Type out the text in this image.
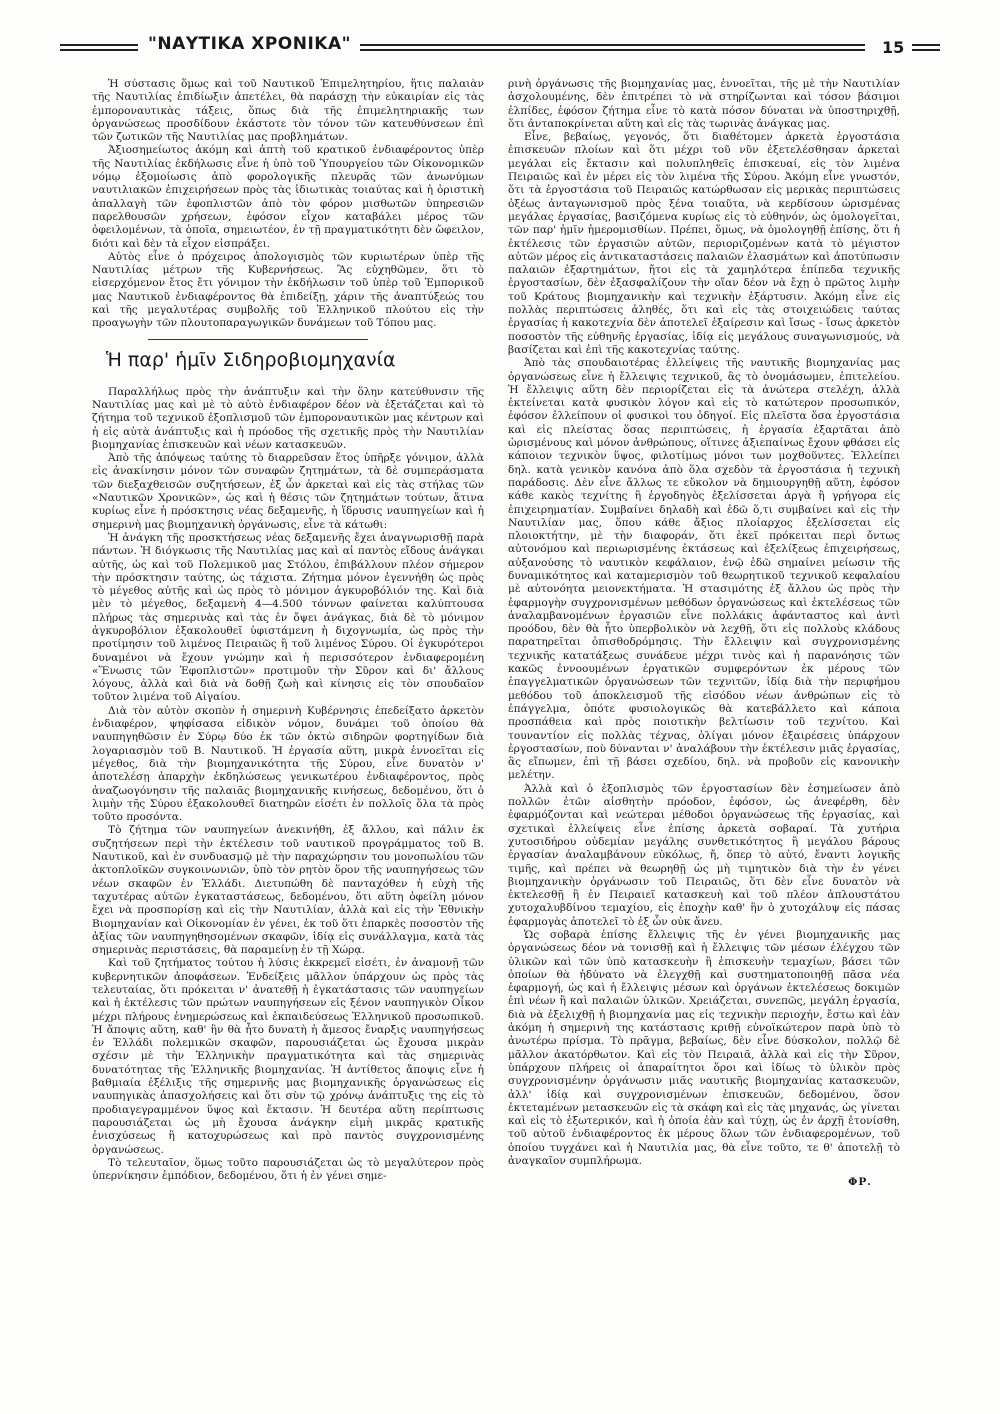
"ΝΑΥΤΙΚΑ ΧΡΟΝΙΚΑ"	15

Ἡ σύστασις ὅμως καὶ τοῦ Ναυτικοῦ Ἐπιμελητηρίου, ἥτις παλαιὰν τῆς Ναυτιλίας ἐπιδίωξιν ἀπετέλει, θὰ παράσχῃ τὴν εὐκαιρίαν εἰς τὰς ἐμποροναυτικὰς τάξεις, ὅπως διὰ τῆς ἐπιμελητηριακῆς των ὀργανώσεως προσδίδουν ἑκάστοτε τὸν τόνον τῶν κατευθύνσεων ἐπὶ τῶν ζωτικῶν τῆς Ναυτιλίας μας προβλημάτων.

Ἀξιοσημείωτος ἀκόμη καὶ ἁπτὴ τοῦ κρατικοῦ ἐνδιαφέροντος ὑπὲρ τῆς Ναυτιλίας ἐκδήλωσις εἶνε ἡ ὑπὸ τοῦ Ὑπουργείου τῶν Οἰκονομικῶν νόμῳ ἐξομοίωσις ἀπὸ φορολογικῆς πλευρᾶς τῶν ἀνωνύμων ναυτιλιακῶν ἐπιχειρήσεων πρὸς τὰς ἰδιωτικὰς τοιαύτας καὶ ἡ ὁριστικὴ ἀπαλλαγὴ τῶν ἐφοπλιστῶν ἀπὸ τὸν φόρον μισθωτῶν ὑπηρεσιῶν παρελθουσῶν χρήσεων, ἐφόσον εἶχον καταβάλει μέρος τῶν ὀφειλομένων, τὰ ὁποῖα, σημειωτέον, ἐν τῇ πραγματικότητι δὲν ὤφειλον, διότι καὶ δὲν τὰ εἶχον εἰσπράξει.

Αὐτὸς εἶνε ὁ πρόχειρος ἀπολογισμὸς τῶν κυριωτέρων ὑπὲρ τῆς Ναυτιλίας μέτρων τῆς Κυβερνήσεως. Ἂς εὐχηθῶμεν, ὅτι τὸ εἰσερχόμενον ἔτος ἔτι γόνιμον τὴν ἐκδήλωσιν τοῦ ὑπὲρ τοῦ Ἐμπορικοῦ μας Ναυτικοῦ ἐνδιαφέροντος θὰ ἐπιδείξῃ, χάριν τῆς ἀναπτύξεώς του καὶ τῆς μεγαλυτέρας συμβολῆς τοῦ Ἑλληνικοῦ πλούτου εἰς τὴν προαγωγὴν τῶν πλουτοπαραγωγικῶν δυνάμεων τοῦ Τόπου μας.

Ἡ παρ' ἡμῖν Σιδηροβιομηχανία

Παραλλήλως πρὸς τὴν ἀνάπτυξιν καὶ τὴν ὅλην κατεύθυνσιν τῆς Ναυτιλίας μας καὶ μὲ τὸ αὐτὸ ἐνδιαφέρον δέον νὰ ἐξετάζεται καὶ τὸ ζήτημα τοῦ τεχνικοῦ ἐξοπλισμοῦ τῶν ἐμποροναυτικῶν μας κέντρων καὶ ἡ εἰς αὐτὰ ἀνάπτυξις καὶ ἡ πρόοδος τῆς σχετικῆς πρὸς τὴν Ναυτιλίαν βιομηχανίας ἐπισκευῶν καὶ νέων κατασκευῶν.

Ἀπὸ τῆς ἀπόψεως ταύτης τὸ διαρρεῦσαν ἔτος ὑπῆρξε γόνιμον, ἀλλὰ εἰς ἀνακίνησιν μόνον τῶν συναφῶν ζητημάτων, τὰ δὲ συμπεράσματα τῶν διεξαχθεισῶν συζητήσεων, ἐξ ὧν ἀρκεταὶ καὶ εἰς τὰς στήλας τῶν «Ναυτικῶν Χρονικῶν», ὡς καὶ ἡ θέσις τῶν ζητημάτων τούτων, ἅτινα κυρίως εἶνε ἡ πρόσκτησις νέας δεξαμενῆς, ἡ ἵδρυσις ναυπηγείων καὶ ἡ σημερινὴ μας βιομηχανικὴ ὀργάνωσις, εἶνε τὰ κάτωθι:

Ἡ ἀνάγκη τῆς προσκτήσεως νέας δεξαμενῆς ἔχει ἀναγνωρισθῇ παρὰ πάντων. Ἡ διόγκωσις τῆς Ναυτιλίας μας καὶ αἱ παντὸς εἴδους ἀνάγκαι αὐτῆς, ὡς καὶ τοῦ Πολεμικοῦ μας Στόλου, ἐπιβάλλουν πλέον σήμερον τὴν πρόσκτησιν ταύτης, ὡς τάχιστα. Ζήτημα μόνον ἐγεννήθη ὡς πρὸς τὸ μέγεθος αὐτῆς καὶ ὡς πρὸς τὸ μόνιμον ἀγκυροβόλιόν της. Καὶ διὰ μὲν τὸ μέγεθος, δεξαμενὴ 4—4.500 τόννων φαίνεται καλύπτουσα πλήρως τὰς σημερινὰς καὶ τὰς ἐν ὄψει ἀνάγκας, διὰ δὲ τὸ μόνιμον ἀγκυροβόλιον ἐξακολουθεῖ ὑφιστάμενη ἡ διχογνωμία, ὡς πρὸς τὴν προτίμησιν τοῦ λιμένος Πειραιῶς ἢ τοῦ λιμένος Σύρου. Οἱ ἐγκυρότεροι δυναμένοι νὰ ἔχουν γνώμην καὶ ἡ περισσότερον ἐνδιαφερομένη «Ἕνωσις τῶν Ἐφοπλιστῶν» προτιμοῦν τὴν Σῦρον καὶ δι' ἄλλους λόγους, ἀλλὰ καὶ διὰ νὰ δοθῇ ζωὴ καὶ κίνησις εἰς τὸν σπουδαῖον τοῦτον λιμένα τοῦ Αἰγαίου.

Διὰ τὸν αὐτὸν σκοπὸν ἡ σημερινὴ Κυβέρνησις ἐπεδείξατο ἀρκετὸν ἐνδιαφέρον, ψηφίσασα εἰδικὸν νόμον, δυνάμει τοῦ ὁποίου θὰ ναυπηγηθῶσιν ἐν Σύρῳ δύο ἐκ τῶν ὀκτὼ σιδηρῶν φορτηγίδων διὰ λογαριασμὸν τοῦ Β. Ναυτικοῦ. Ἡ ἐργασία αὕτη, μικρὰ ἐννοεῖται εἰς μέγεθος, διὰ τὴν βιομηχανικότητα τῆς Σύρου, εἶνε δυνατὸν ν' ἀποτελέσῃ ἀπαρχὴν ἐκδηλώσεως γενικωτέρου ἐνδιαφέροντος, πρὸς ἀναζωογόνησιν τῆς παλαιᾶς βιομηχανικῆς κινήσεως, δεδομένου, ὅτι ὁ λιμὴν τῆς Σύρου ἐξακολουθεῖ διατηρῶν εἰσέτι ἐν πολλοῖς ὅλα τὰ πρὸς τοῦτο προσόντα.

Τὸ ζήτημα τῶν ναυπηγείων ἀνεκινήθη, ἐξ ἄλλου, καὶ πάλιν ἐκ συζητήσεων περὶ τὴν ἐκτέλεσιν τοῦ ναυτικοῦ προγράμματος τοῦ Β. Ναυτικοῦ, καὶ ἐν συνδυασμῷ μὲ τὴν παραχώρησιν του μονοπωλίου τῶν ἀκτοπλοϊκῶν συγκοινωνιῶν, ὑπὸ τὸν ρητὸν ὅρον τῆς ναυπηγήσεως τῶν νέων σκαφῶν ἐν Ἑλλάδι. Διετυπώθη δὲ πανταχόθεν ἡ εὐχὴ τῆς ταχυτέρας αὐτῶν ἐγκαταστάσεως, δεδομένου, ὅτι αὕτη ὀφείλη μόνον ἔχει νὰ προσπορίσῃ καὶ εἰς τὴν Ναυτιλίαν, ἀλλὰ καὶ εἰς τὴν Ἐθνικὴν Βιομηχανίαν καὶ Οἰκονομίαν ἐν γένει, ἐκ τοῦ ὅτι ἐπαρκὲς ποσοστὸν τῆς ἀξίας τῶν ναυπηγηθησομένων σκαφῶν, ἰδίᾳ εἰς συνάλλαγμα, κατὰ τὰς σημερινὰς περιστάσεις, θὰ παραμείνῃ ἐν τῇ Χώρᾳ.

Καὶ τοῦ ζητήματος τούτου ἡ λύσις ἐκκρεμεῖ εἰσέτι, ἐν ἀναμονῇ τῶν κυβερνητικῶν ἀποφάσεων. Ἐνδείξεις μᾶλλον ὑπάρχουν ὡς πρὸς τὰς τελευταίας, ὅτι πρόκειται ν' ἀνατεθῇ ἡ ἐγκατάστασις τῶν ναυπηγείων καὶ ἡ ἐκτέλεσις τῶν πρώτων ναυπηγήσεων εἰς ξένον ναυπηγικὸν Οἶκον μέχρι πλήρους ἐνημερώσεως καὶ ἐκπαιδεύσεως Ἑλληνικοῦ προσωπικοῦ. Ἡ ἄποψις αὕτη, καθ' ἣν θὰ ἦτο δυνατὴ ἡ ἄμεσος ἔναρξις ναυπηγήσεως ἐν Ἑλλάδι πολεμικῶν σκαφῶν, παρουσιάζεται ὡς ἔχουσα μικρὰν σχέσιν μὲ τὴν Ἑλληνικὴν πραγματικότητα καὶ τὰς σημερινὰς δυνατότητας τῆς Ἑλληνικῆς βιομηχανίας. Ἡ ἀντίθετος ἄποψις εἶνε ἡ βαθμιαία ἐξέλιξις τῆς σημερινῆς μας βιομηχανικῆς ὀργανώσεως εἰς ναυπηγικὰς ἀπασχολήσεις καὶ ὅτι σὺν τῷ χρόνῳ ἀνάπτυξις της εἰς τὸ προδιαγεγραμμένον ὕψος καὶ ἔκτασιν. Ἡ δευτέρα αὕτη περίπτωσις παρουσιάζεται ὡς μὴ ἔχουσα ἀνάγκην εἰμὴ μικρᾶς κρατικῆς ἐνισχύσεως ἢ κατοχυρώσεως καὶ πρὸ παντὸς συγχρονισμένης ὀργανώσεως.

Τὸ τελευταῖον, ὅμως τοῦτο παρουσιάζεται ὡς τὸ μεγαλύτερον πρὸς ὑπερνίκησιν ἐμπόδιον, δεδομένου, ὅτι ἡ ἐν γένει σημε-

ρινὴ ὀργάνωσις τῆς βιομηχανίας μας, ἐννοεῖται, τῆς μὲ τὴν Ναυτιλίαν ἀσχολουμένης, δὲν ἐπιτρέπει τὸ νὰ στηρίζωνται καὶ τόσον βάσιμοι ἐλπίδες, ἐφόσον ζήτημα εἶνε τὸ κατὰ πόσον δύναται νὰ ὑποστηριχθῇ, ὅτι ἀνταποκρίνεται αὕτη καὶ εἰς τὰς τωρινὰς ἀνάγκας μας.

Εἶνε, βεβαίως, γεγονός, ὅτι διαθέτομεν ἀρκετὰ ἐργοστάσια ἐπισκευῶν πλοίων καὶ ὅτι μέχρι τοῦ νῦν ἐξετελέσθησαν ἀρκεταὶ μεγάλαι εἰς ἔκτασιν καὶ πολυπληθεῖς ἐπισκευαί, εἰς τὸν λιμένα Πειραιῶς καὶ ἐν μέρει εἰς τὸν λιμένα τῆς Σύρου. Ἀκόμη εἶνε γνωστόν, ὅτι τὰ ἐργοστάσια τοῦ Πειραιῶς κατώρθωσαν εἰς μερικὰς περιπτώσεις ὀξέως ἀνταγωνισμοῦ πρὸς ξένα τοιαῦτα, νὰ κερδίσουν ὡρισμένας μεγάλας ἐργασίας, βασιζόμενα κυρίως εἰς τὸ εὐθηνόν, ὡς ὁμολογεῖται, τῶν παρ' ἡμῖν ἡμερομισθίων. Πρέπει, ὅμως, νὰ ὁμολογηθῇ ἐπίσης, ὅτι ἡ ἐκτέλεσις τῶν ἐργασιῶν αὐτῶν, περιοριζομένων κατὰ τὸ μέγιστον αὐτῶν μέρος εἰς ἀντικαταστάσεις παλαιῶν ἐλασμάτων καὶ ἀποτύπωσιν παλαιῶν ἐξαρτημάτων, ἤτοι εἰς τὰ χαμηλότερα ἐπίπεδα τεχνικῆς ἐργοστασίων, δὲν ἐξασφαλίζουν τὴν οἵαν δέον νὰ ἔχῃ ὁ πρῶτος λιμὴν τοῦ Κράτους βιομηχανικὴν καὶ τεχνικὴν ἐξάρτυσιν. Ἀκόμη εἶνε εἰς πολλὰς περιπτώσεις ἀληθές, ὅτι καὶ εἰς τὰς στοιχειώδεις ταύτας ἐργασίας ἡ κακοτεχνία δὲν ἀποτελεῖ ἐξαίρεσιν καὶ ἴσως - ἴσως ἀρκετὸν ποσοστὸν τῆς εὐθηνῆς ἐργασίας, ἰδίᾳ εἰς μεγάλους συναγωνισμούς, νὰ βασίζεται καὶ ἐπὶ τῆς κακοτεχνίας ταύτης.

Ἀπὸ τὰς σπουδαιοτέρας ἐλλείψεις τῆς ναυτικῆς βιομηχανίας μας ὀργανώσεως εἶνε ἡ ἔλλειψις τεχνικοῦ, ἂς τὸ ὀνομάσωμεν, ἐπιτελείου. Ἡ ἔλλειψις αὕτη δὲν περιορίζεται εἰς τὰ ἀνώτερα στελέχη, ἀλλὰ ἐκτείνεται κατὰ φυσικὸν λόγον καὶ εἰς τὸ κατώτερον προσωπικόν, ἐφόσον ἐλλείπουν οἱ φυσικοὶ του ὁδηγοί. Εἰς πλεῖστα ὅσα ἐργοστάσια καὶ εἰς πλείστας ὅσας περιπτώσεις, ἡ ἐργασία ἐξαρτᾶται ἀπὸ ὡρισμένους καὶ μόνον ἀνθρώπους, οἵτινες ἀξιεπαίνως ἔχουν φθάσει εἰς κάποιον τεχνικὸν ὕψος, φιλοτίμως μόνοι των μοχθοῦντες. Ἐλλείπει δηλ. κατὰ γενικὸν κανόνα ἀπὸ ὅλα σχεδὸν τὰ ἐργοστάσια ἡ τεχνικὴ παράδοσις. Δὲν εἶνε ἄλλως τε εὔκολον νὰ δημιουργηθῇ αὕτη, ἐφόσον κάθε κακὸς τεχνίτης ἢ ἐργοδηγὸς ἐξελίσσεται ἀργὰ ἢ γρήγορα εἰς ἐπιχειρηματίαν. Συμβαίνει δηλαδὴ καὶ ἐδῶ ὅ,τι συμβαίνει καὶ εἰς τὴν Ναυτιλίαν μας, ὅπου κάθε ἄξιος πλοίαρχος ἐξελίσσεται εἰς πλοιοκτήτην, μὲ τὴν διαφοράν, ὅτι ἐκεῖ πρόκειται περὶ ὄντως αὐτονόμου καὶ περιωρισμένης ἐκτάσεως καὶ ἐξελίξεως ἐπιχειρήσεως, αὐξανούσης τὸ ναυτικὸν κεφάλαιον, ἐνῷ ἐδῶ σημαίνει μείωσιν τῆς δυναμικότητος καὶ καταμερισμὸν τοῦ θεωρητικοῦ τεχνικοῦ κεφαλαίου μὲ αὐτονόητα μειονεκτήματα. Ἡ στασιμότης ἐξ ἄλλου ὡς πρὸς τὴν ἐφαρμογὴν συγχρονισμένων μεθόδων ὀργανώσεως καὶ ἐκτελέσεως τῶν ἀναλαμβανομένων ἐργασιῶν εἶνε πολλάκις ἀφάνταστος καὶ ἀντὶ προόδου, δὲν θὰ ἦτο ὑπερβολικὸν νὰ λεχθῇ, ὅτι εἰς πολλοὺς κλάδους παρατηρεῖται ὀπισθοδρόμησις. Τὴν ἔλλειψιν καὶ συγχρονισμένης τεχνικῆς κατατάξεως συνάδευε μέχρι τινὸς καὶ ἡ παρανόησις τῶν κακῶς ἐννοουμένων ἐργατικῶν συμφερόντων ἐκ μέρους τῶν ἐπαγγελματικῶν ὀργανώσεων τῶν τεχνιτῶν, ἰδίᾳ διὰ τὴν περιφήμου μεθόδου τοῦ ἀποκλεισμοῦ τῆς εἰσόδου νέων ἀνθρώπων εἰς τὸ ἐπάγγελμα, ὁπότε φυσιολογικῶς θὰ κατεβάλλετο καὶ κάποια προσπάθεια καὶ πρὸς ποιοτικὴν βελτίωσιν τοῦ τεχνίτου. Καὶ τουναντίον εἰς πολλὰς τέχνας, ὀλίγαι μόνον ἐξαιρέσεις ὑπάρχουν ἐργοστασίων, ποὺ δύνανται ν' ἀναλάβουν τὴν ἐκτέλεσιν μιᾶς ἐργασίας, ἂς εἴπωμεν, ἐπὶ τῇ βάσει σχεδίου, δηλ. νὰ προβοῦν εἰς κανονικὴν μελέτην.

Ἀλλὰ καὶ ὁ ἐξοπλισμὸς τῶν ἐργοστασίων δὲν ἐσημείωσεν ἀπὸ πολλῶν ἐτῶν αἰσθητὴν πρόοδον, ἐφόσον, ὡς ἀνεφέρθη, δὲν ἐφαρμόζονται καὶ νεώτεραι μέθοδοι ὀργανώσεως τῆς ἐργασίας, καὶ σχετικαὶ ἐλλείψεις εἶνε ἐπίσης ἀρκετὰ σοβαραί. Τὰ χυτήρια χυτοσιδήρου οὐδεμίαν μεγάλης συνθετικότητος ἢ μεγάλου βάρους ἐργασίαν ἀναλαμβάνουν εὐκόλως, ἤ, ὅπερ τὸ αὐτό, ἔναντι λογικῆς τιμῆς, καὶ πρέπει νὰ θεωρηθῇ ὡς μὴ τιμητικὸν διὰ τὴν ἐν γένει βιομηχανικὴν ὀργάνωσιν τοῦ Πειραιῶς, ὅτι δὲν εἶνε δυνατὸν νὰ ἐκτελεσθῇ ἢ ἐν Πειραιεῖ κατασκευὴ καὶ τοῦ πλέον ἁπλουστάτου χυτοχαλυβδίνου τεμαχίου, εἰς ἐποχὴν καθ' ἣν ὁ χυτοχάλυψ εἰς πάσας ἐφαρμογὰς ἀποτελεῖ τὸ ἐξ ὧν οὐκ ἄνευ.

Ὡς σοβαρὰ ἐπίσης ἔλλειψις τῆς ἐν γένει βιομηχανικῆς μας ὀργανώσεως δέον νὰ τονισθῇ καὶ ἡ ἔλλειψις τῶν μέσων ἐλέγχου τῶν ὑλικῶν καὶ τῶν ὑπὸ κατασκευὴν ἢ ἐπισκευὴν τεμαχίων, βάσει τῶν ὁποίων θὰ ἠδύνατο νὰ ἐλεγχθῇ καὶ συστηματοποιηθῇ πᾶσα νέα ἐφαρμογή, ὡς καὶ ἡ ἔλλειψις μέσων καὶ ὀργάνων ἐκτελέσεως δοκιμῶν ἐπὶ νέων ἢ καὶ παλαιῶν ὑλικῶν. Χρειάζεται, συνεπῶς, μεγάλη ἐργασία, διὰ νὰ ἐξελιχθῇ ἡ βιομηχανία μας εἰς τεχνικὴν περιοχήν, ἔστω καὶ ἐὰν ἀκόμη ἡ σημερινὴ της κατάστασις κριθῇ εὐνοϊκώτερον παρὰ ὑπὸ τὸ ἀνωτέρω πρίσμα. Τὸ πρᾶγμα, βεβαίως, δὲν εἶνε δύσκολον, πολλῷ δὲ μᾶλλον ἀκατόρθωτον. Καὶ εἰς τὸν Πειραιᾶ, ἀλλὰ καὶ εἰς τὴν Σῦρον, ὑπάρχουν πλήρεις οἱ ἀπαραίτητοι ὅροι καὶ ἰδίως τὸ ὑλικὸν πρὸς συγχρονισμένην ὀργάνωσιν μιᾶς ναυτικῆς βιομηχανίας κατασκευῶν, ἀλλ' ἰδίᾳ καὶ συγχρονισμένων ἐπισκευῶν, δεδομένου, ὅσον ἐκτεταμένων μετασκευῶν εἰς τὰ σκάφη καὶ εἰς τὰς μηχανάς, ὡς γίνεται καὶ εἰς τὸ ἐξωτερικόν, καὶ ἡ ὁποία ἐὰν καὶ τύχῃ, ὡς ἐν ἀρχῇ ἐτονίσθη, τοῦ αὐτοῦ ἐνδιαφέροντος ἐκ μέρους ὅλων τῶν ἐνδιαφερομένων, τοῦ ὁποίου τυγχάνει καὶ ἡ Ναυτιλία μας, θὰ εἶνε τοῦτο, τε θ' ἀποτελῇ τὸ ἀναγκαῖον συμπλήρωμα.

ΦΡ.
